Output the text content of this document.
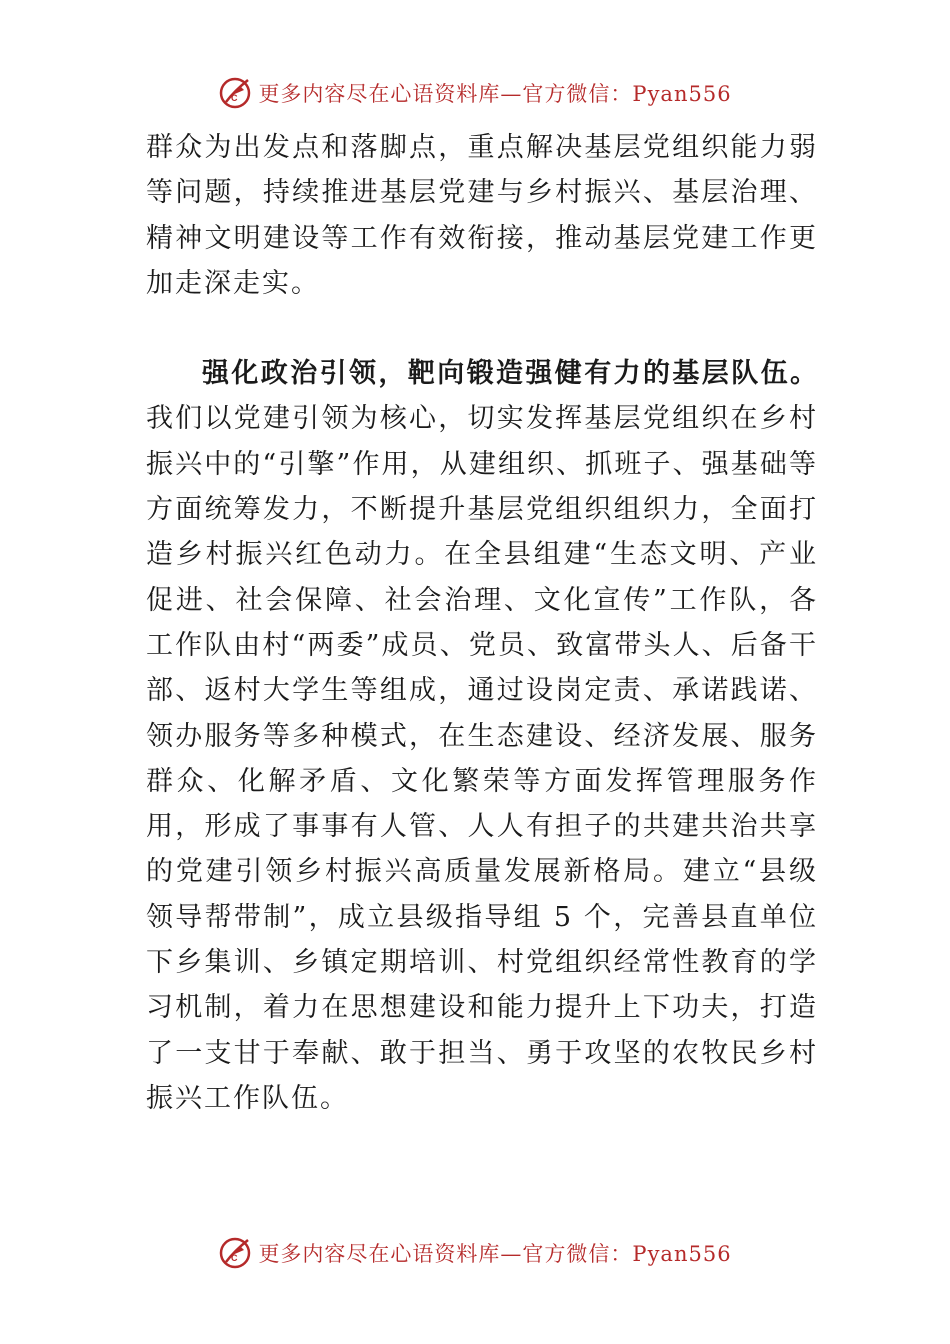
C 更多内容尽在心语资料库—官方微信：Pyan556

群众为出发点和落脚点，重点解决基层党组织能力弱等问题，持续推进基层党建与乡村振兴、基层治理、精神文明建设等工作有效衔接，推动基层党建工作更加走深走实。

强化政治引领，靶向锻造强健有力的基层队伍。我们以党建引领为核心，切实发挥基层党组织在乡村振兴中的“引擎”作用，从建组织、抓班子、强基础等方面统筹发力，不断提升基层党组织组织力，全面打造乡村振兴红色动力。在全县组建“生态文明、产业促进、社会保障、社会治理、文化宣传”工作队，各工作队由村“两委”成员、党员、致富带头人、后备干部、返村大学生等组成，通过设岗定责、承诺践诺、领办服务等多种模式，在生态建设、经济发展、服务群众、化解矛盾、文化繁荣等方面发挥管理服务作用，形成了事事有人管、人人有担子的共建共治共享的党建引领乡村振兴高质量发展新格局。建立“县级领导帮带制”，成立县级指导组 5 个，完善县直单位下乡集训、乡镇定期培训、村党组织经常性教育的学习机制，着力在思想建设和能力提升上下功夫，打造了一支甘于奉献、敢于担当、勇于攻坚的农牧民乡村振兴工作队伍。

C 更多内容尽在心语资料库—官方微信：Pyan556
